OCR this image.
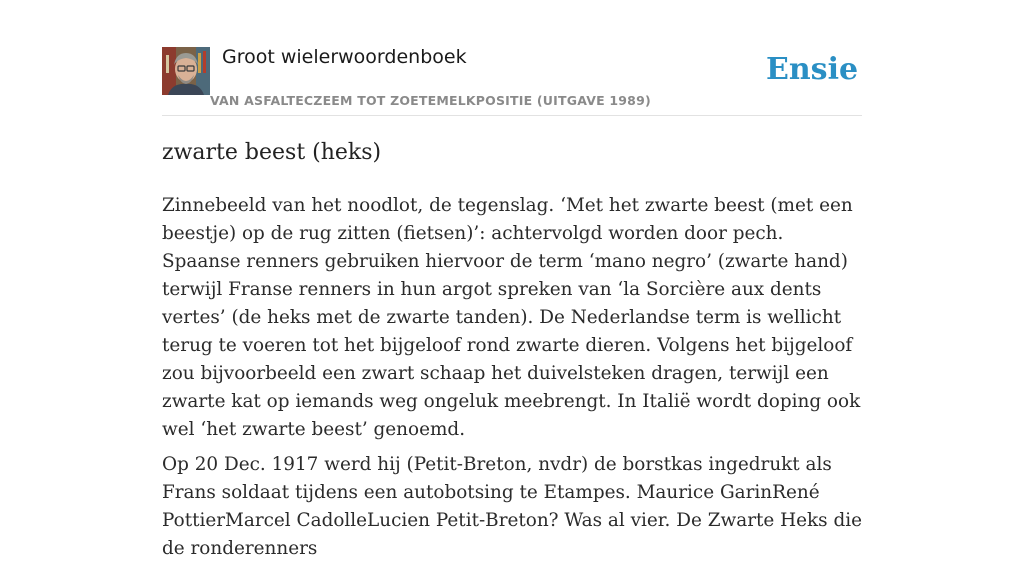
Groot wielerwoordenboek
VAN ASFALTECZEEM TOT ZOETEMELKPOSITIE (UITGAVE 1989)
Ensie
zwarte beest (heks)

Zinnebeeld van het noodlot, de tegenslag. ‘Met het zwarte beest (met een beestje) op de rug zitten (fietsen)’: achtervolgd worden door pech. Spaanse renners gebruiken hiervoor de term ‘mano negro’ (zwarte hand) terwijl Franse renners in hun argot spreken van ‘la Sorcière aux dents vertes’ (de heks met de zwarte tanden). De Nederlandse term is wellicht terug te voeren tot het bijgeloof rond zwarte dieren. Volgens het bijgeloof zou bijvoorbeeld een zwart schaap het duivelsteken dragen, terwijl een zwarte kat op iemands weg ongeluk meebrengt. In Italië wordt doping ook wel ‘het zwarte beest’ genoemd.

Op 20 Dec. 1917 werd hij (Petit-Breton, nvdr) de borstkas ingedrukt als Frans soldaat tijdens een autobotsing te Etampes. Maurice GarinRené PottierMarcel CadolleLucien Petit-Breton? Was al vier. De Zwarte Heks die de ronderenners
